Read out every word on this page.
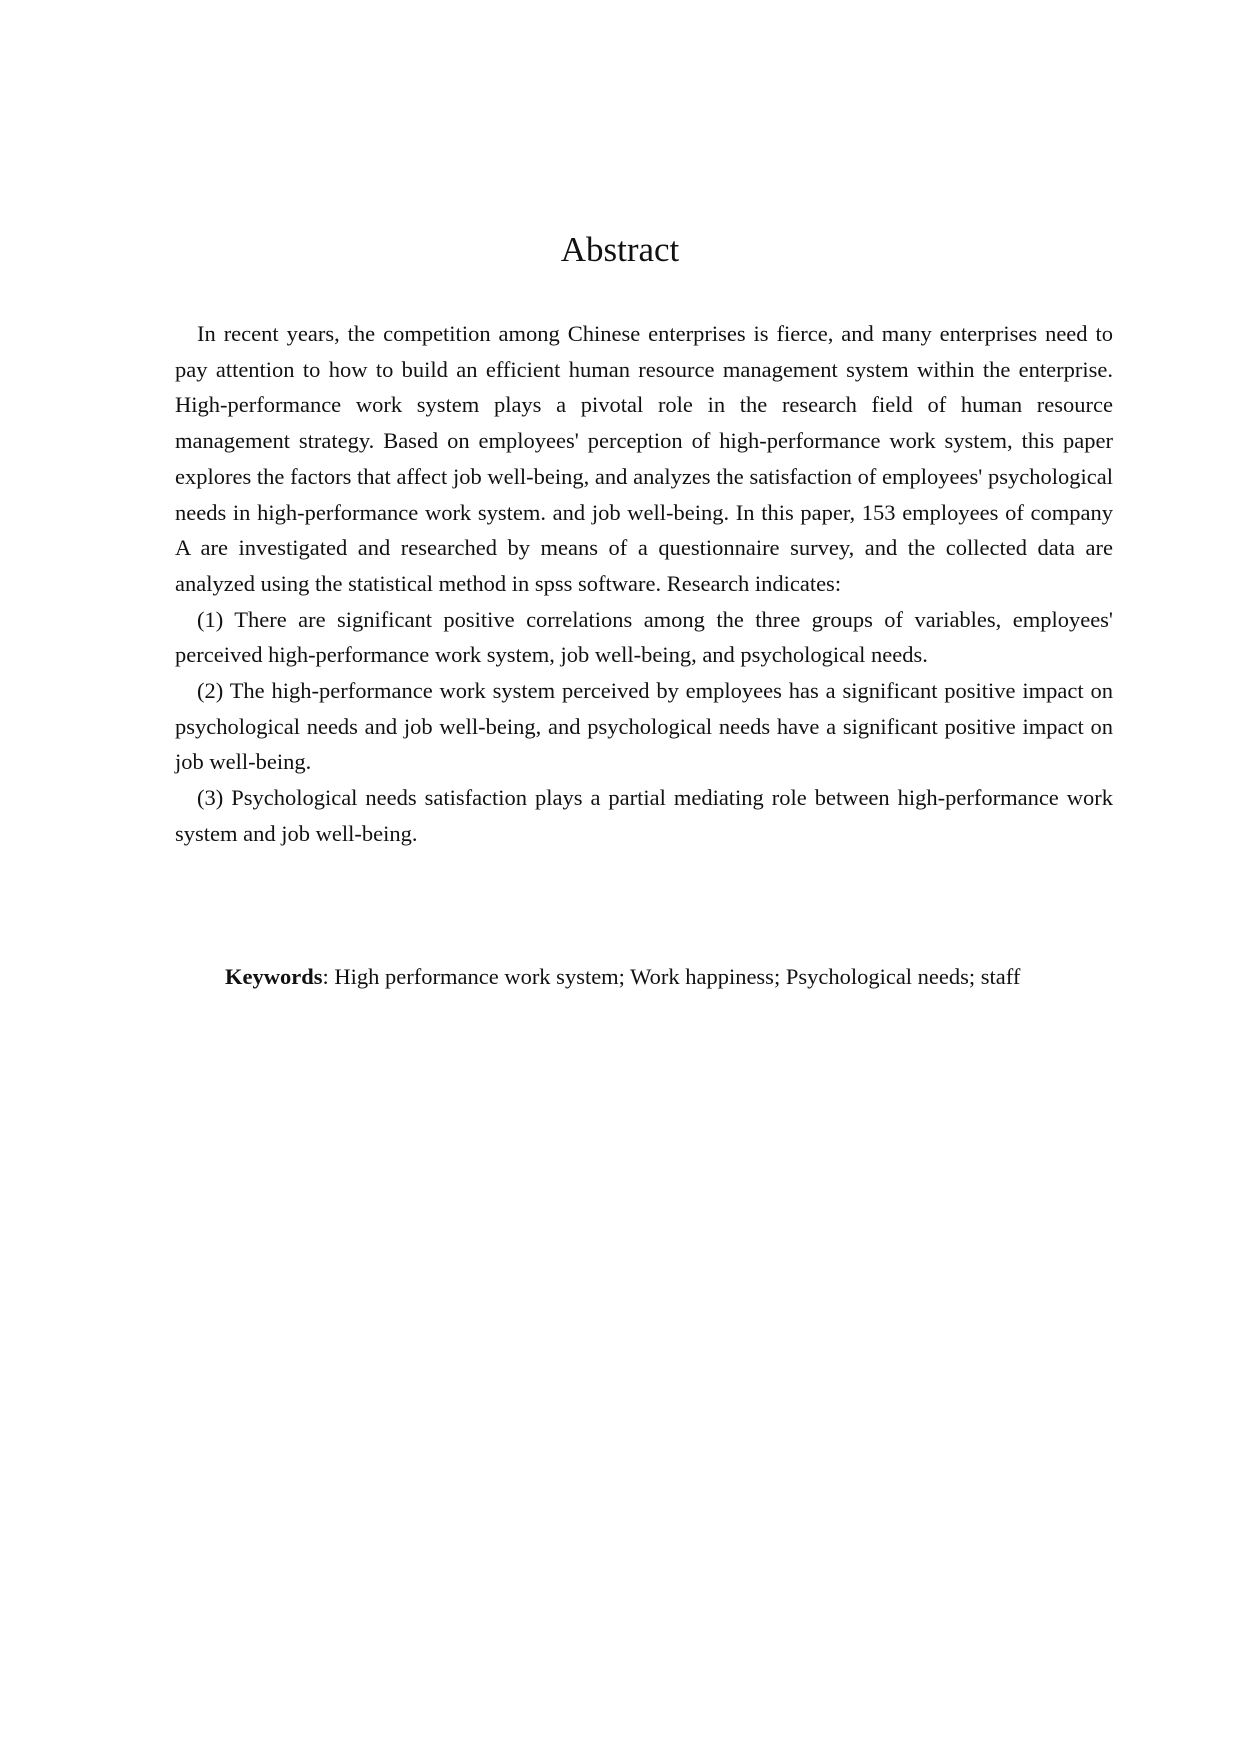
Abstract

In recent years, the competition among Chinese enterprises is fierce, and many enterprises need to pay attention to how to build an efficient human resource management system within the enterprise. High-performance work system plays a pivotal role in the research field of human resource management strategy. Based on employees' perception of high-performance work system, this paper explores the factors that affect job well-being, and analyzes the satisfaction of employees' psychological needs in high-performance work system. and job well-being. In this paper, 153 employees of company A are investigated and researched by means of a questionnaire survey, and the collected data are analyzed using the statistical method in spss software. Research indicates:

(1) There are significant positive correlations among the three groups of variables, employees' perceived high-performance work system, job well-being, and psychological needs.

(2) The high-performance work system perceived by employees has a significant positive impact on psychological needs and job well-being, and psychological needs have a significant positive impact on job well-being.

(3) Psychological needs satisfaction plays a partial mediating role between high-performance work system and job well-being.

Keywords: High performance work system; Work happiness; Psychological needs; staff
